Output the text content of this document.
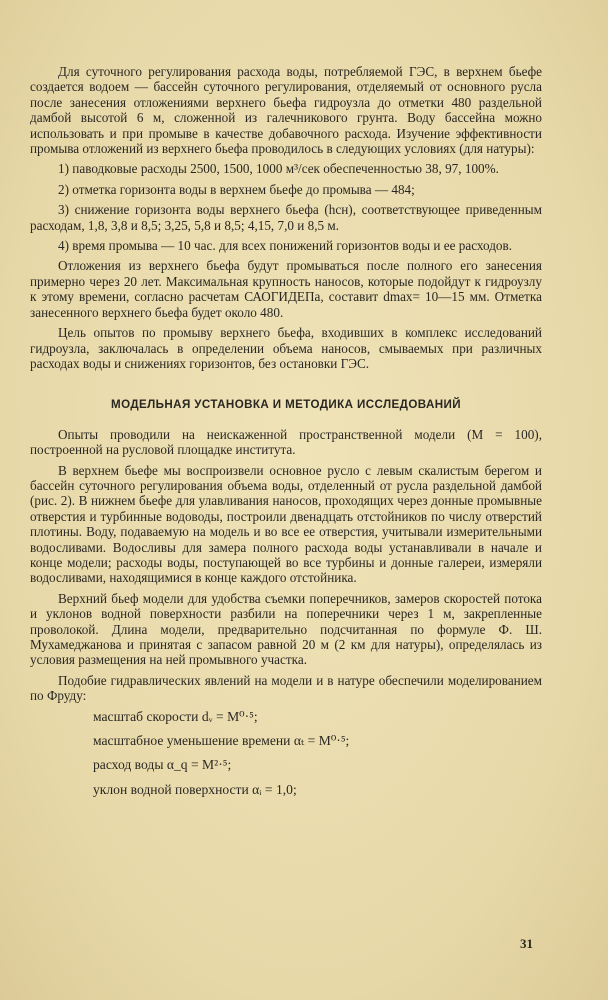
Для суточного регулирования расхода воды, потребляемой ГЭС, в верхнем бьефе создается водоем — бассейн суточного регулирования, отделяемый от основного русла после занесения отложениями верхнего бьефа гидроузла до отметки 480 раздельной дамбой высотой 6 м, сложенной из галечникового грунта. Воду бассейна можно использовать и при промыве в качестве добавочного расхода. Изучение эффективности промыва отложений из верхнего бьефа проводилось в следующих условиях (для натуры):

1) паводковые расходы 2500, 1500, 1000 м³/сек обеспеченностью 38, 97, 100%.

2) отметка горизонта воды в верхнем бьефе до промыва — 484;

3) снижение горизонта воды верхнего бьефа (hсн), соответствующее приведенным расходам, 1,8, 3,8 и 8,5; 3,25, 5,8 и 8,5; 4,15, 7,0 и 8,5 м.

4) время промыва — 10 час. для всех понижений горизонтов воды и ее расходов.

Отложения из верхнего бьефа будут промываться после полного его занесения примерно через 20 лет. Максимальная крупность наносов, которые подойдут к гидроузлу к этому времени, согласно расчетам САОГИДЕПа, составит dmax= 10—15 мм. Отметка занесенного верхнего бьефа будет около 480.

Цель опытов по промыву верхнего бьефа, входивших в комплекс исследований гидроузла, заключалась в определении объема наносов, смываемых при различных расходах воды и снижениях горизонтов, без остановки ГЭС.

МОДЕЛЬНАЯ УСТАНОВКА И МЕТОДИКА ИССЛЕДОВАНИЙ

Опыты проводили на неискаженной пространственной модели (M = 100), построенной на русловой площадке института.

В верхнем бьефе мы воспроизвели основное русло с левым скалистым берегом и бассейн суточного регулирования объема воды, отделенный от русла раздельной дамбой (рис. 2). В нижнем бьефе для улавливания наносов, проходящих через донные промывные отверстия и турбинные водоводы, построили двенадцать отстойников по числу отверстий плотины. Воду, подаваемую на модель и во все ее отверстия, учитывали измерительными водосливами. Водосливы для замера полного расхода воды устанавливали в начале и конце модели; расходы воды, поступающей во все турбины и донные галереи, измеряли водосливами, находящимися в конце каждого отстойника.

Верхний бьеф модели для удобства съемки поперечников, замеров скоростей потока и уклонов водной поверхности разбили на поперечники через 1 м, закрепленные проволокой. Длина модели, предварительно подсчитанная по формуле Ф. Ш. Мухамеджанова и принятая с запасом равной 20 м (2 км для натуры), определялась из условия размещения на ней промывного участка.

Подобие гидравлических явлений на модели и в натуре обеспечили моделированием по Фруду:

масштаб скорости dᵥ = M⁰·⁵;
масштабное уменьшение времени αₜ = M⁰·⁵;
расход воды α_q = M²·⁵;
уклон водной поверхности αᵢ = 1,0;
31
